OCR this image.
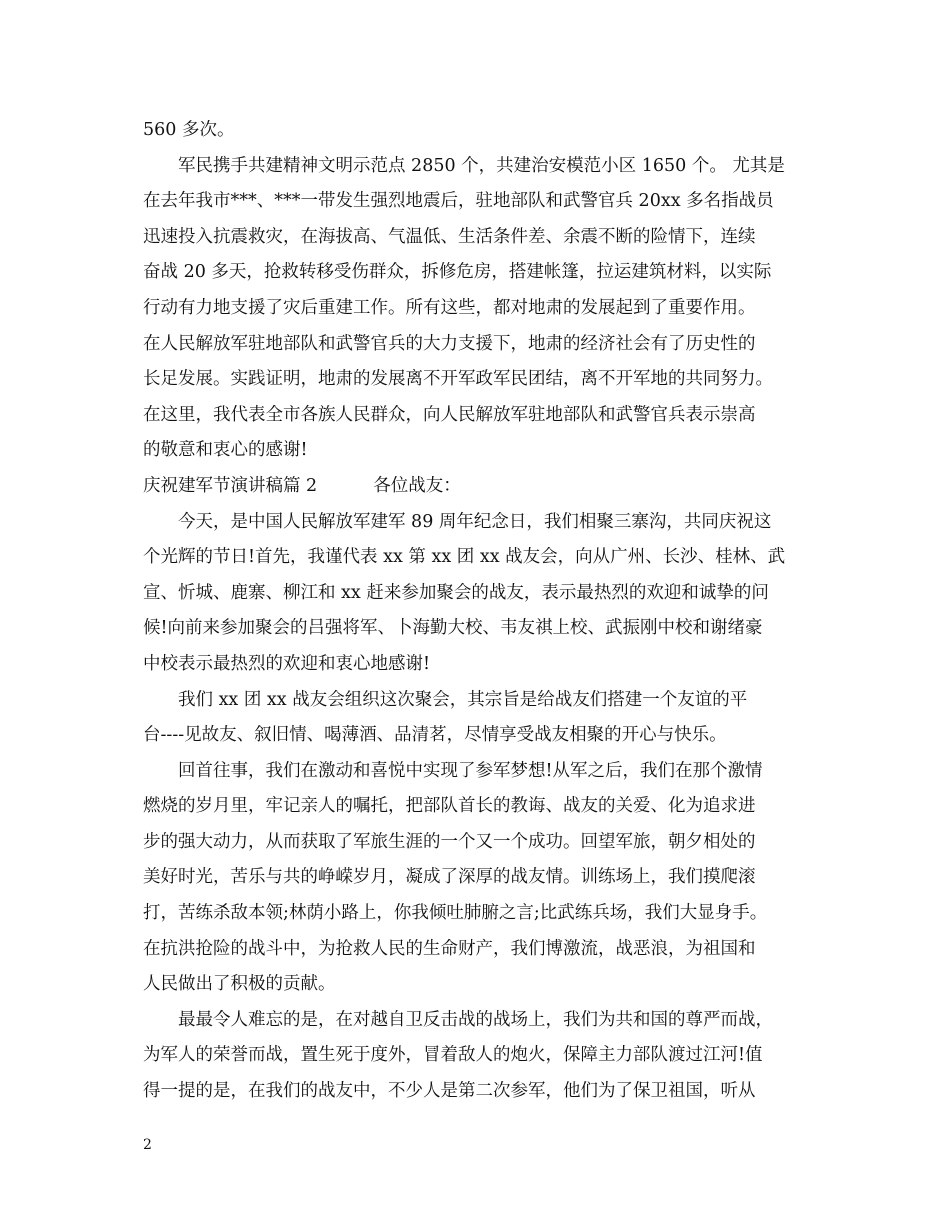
560 多次。
军民携手共建精神文明示范点 2850 个，共建治安模范小区 1650 个。 尤其是
在去年我市***、***一带发生强烈地震后，驻地部队和武警官兵 20xx 多名指战员
迅速投入抗震救灾，在海拔高、气温低、生活条件差、余震不断的险情下，连续
奋战 20 多天，抢救转移受伤群众，拆修危房，搭建帐篷，拉运建筑材料，以实际
行动有力地支援了灾后重建工作。所有这些，都对地肃的发展起到了重要作用。
在人民解放军驻地部队和武警官兵的大力支援下，地肃的经济社会有了历史性的
长足发展。实践证明，地肃的发展离不开军政军民团结，离不开军地的共同努力。
在这里，我代表全市各族人民群众，向人民解放军驻地部队和武警官兵表示崇高
的敬意和衷心的感谢!
庆祝建军节演讲稿篇 2	各位战友：
今天，是中国人民解放军建军 89 周年纪念日，我们相聚三寨沟，共同庆祝这
个光辉的节日!首先，我谨代表 xx 第 xx 团 xx 战友会，向从广州、长沙、桂林、武
宣、忻城、鹿寨、柳江和 xx 赶来参加聚会的战友，表示最热烈的欢迎和诚挚的问
候!向前来参加聚会的吕强将军、卜海勤大校、韦友祺上校、武振刚中校和谢绪豪
中校表示最热烈的欢迎和衷心地感谢!
我们 xx 团 xx 战友会组织这次聚会，其宗旨是给战友们搭建一个友谊的平
台----见故友、叙旧情、喝薄酒、品清茗，尽情享受战友相聚的开心与快乐。
回首往事，我们在激动和喜悦中实现了参军梦想!从军之后，我们在那个激情
燃烧的岁月里，牢记亲人的嘱托，把部队首长的教诲、战友的关爱、化为追求进
步的强大动力，从而获取了军旅生涯的一个又一个成功。回望军旅，朝夕相处的
美好时光，苦乐与共的峥嵘岁月，凝成了深厚的战友情。训练场上，我们摸爬滚
打，苦练杀敌本领;林荫小路上，你我倾吐肺腑之言;比武练兵场，我们大显身手。
在抗洪抢险的战斗中，为抢救人民的生命财产，我们博激流，战恶浪，为祖国和
人民做出了积极的贡献。
最最令人难忘的是，在对越自卫反击战的战场上，我们为共和国的尊严而战，
为军人的荣誉而战，置生死于度外，冒着敌人的炮火，保障主力部队渡过江河!值
得一提的是，在我们的战友中，不少人是第二次参军，他们为了保卫祖国，听从
2
